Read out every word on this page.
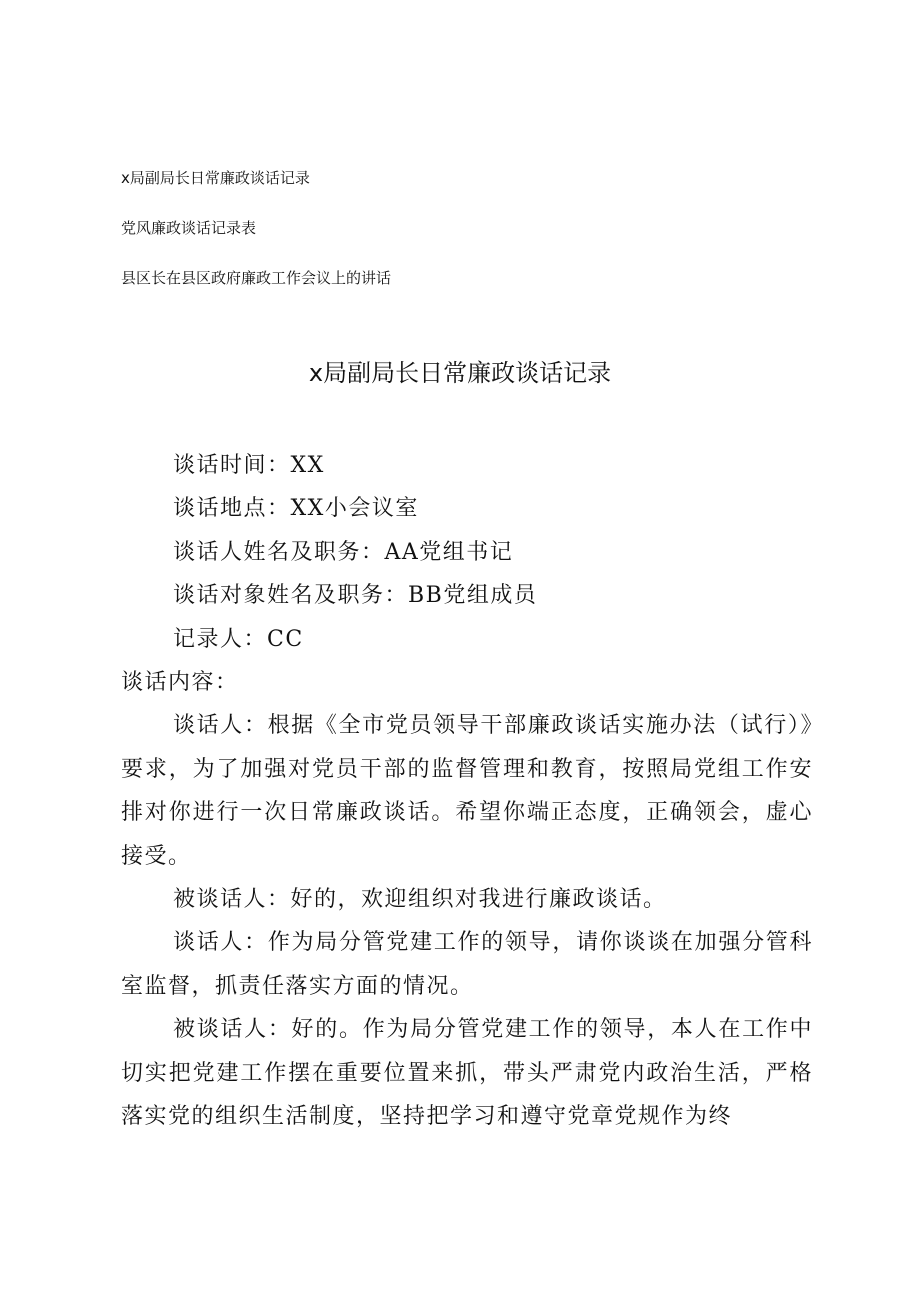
x局副局长日常廉政谈话记录
党风廉政谈话记录表
县区长在县区政府廉政工作会议上的讲话
x局副局长日常廉政谈话记录
谈话时间：XX
谈话地点：XX小会议室
谈话人姓名及职务：AA党组书记
谈话对象姓名及职务：BB党组成员
记录人：CC
谈话内容：

谈话人：根据《全市党员领导干部廉政谈话实施办法（试行）》要求，为了加强对党员干部的监督管理和教育，按照局党组工作安排对你进行一次日常廉政谈话。希望你端正态度，正确领会，虚心接受。

被谈话人：好的，欢迎组织对我进行廉政谈话。

谈话人：作为局分管党建工作的领导，请你谈谈在加强分管科室监督，抓责任落实方面的情况。

被谈话人：好的。作为局分管党建工作的领导，本人在工作中切实把党建工作摆在重要位置来抓，带头严肃党内政治生活，严格落实党的组织生活制度，坚持把学习和遵守党章党规作为终
